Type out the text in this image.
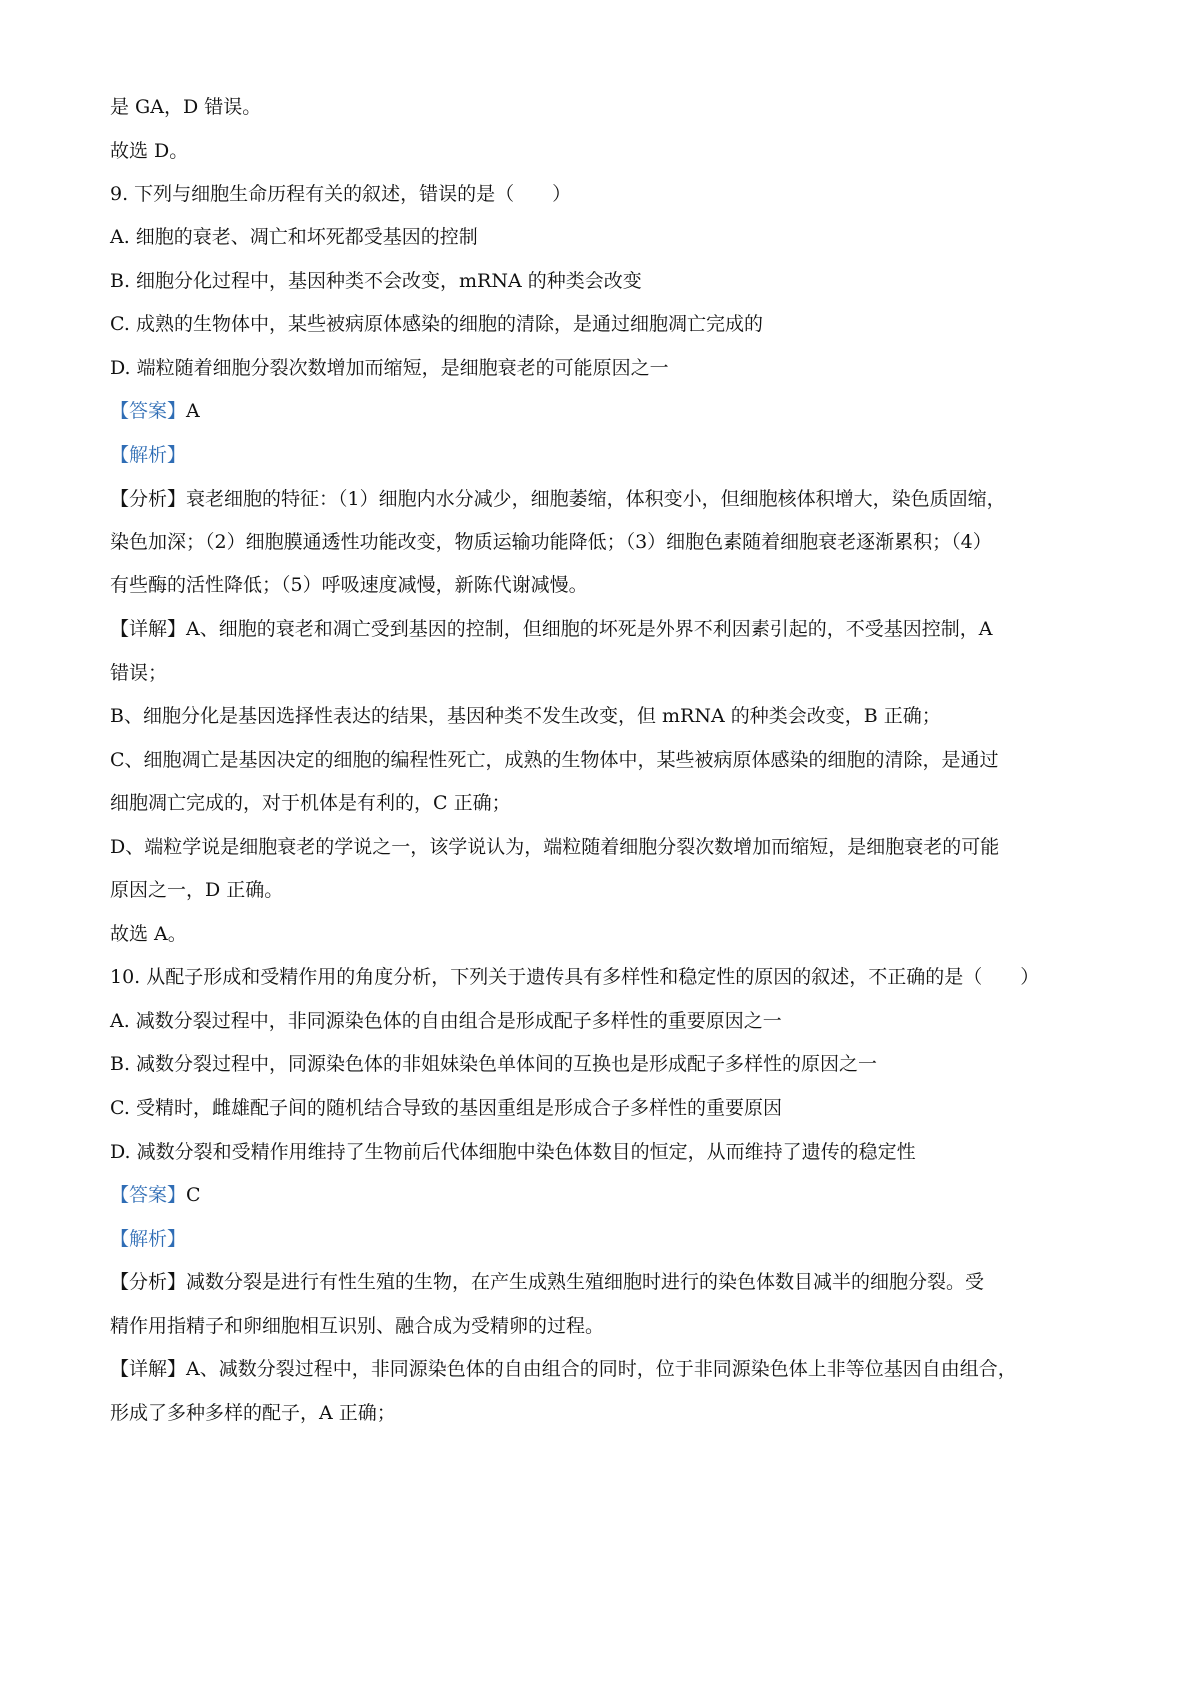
是 GA，D 错误。

故选 D。

9. 下列与细胞生命历程有关的叙述，错误的是（　　）

A. 细胞的衰老、凋亡和坏死都受基因的控制

B. 细胞分化过程中，基因种类不会改变，mRNA 的种类会改变

C. 成熟的生物体中，某些被病原体感染的细胞的清除，是通过细胞凋亡完成的

D. 端粒随着细胞分裂次数增加而缩短，是细胞衰老的可能原因之一

【答案】A

【解析】

【分析】衰老细胞的特征：（1）细胞内水分减少，细胞萎缩，体积变小，但细胞核体积增大，染色质固缩，

染色加深；（2）细胞膜通透性功能改变，物质运输功能降低；（3）细胞色素随着细胞衰老逐渐累积；（4）

有些酶的活性降低；（5）呼吸速度减慢，新陈代谢减慢。

【详解】A、细胞的衰老和凋亡受到基因的控制，但细胞的坏死是外界不利因素引起的，不受基因控制，A

错误；

B、细胞分化是基因选择性表达的结果，基因种类不发生改变，但 mRNA 的种类会改变，B 正确；

C、细胞凋亡是基因决定的细胞的编程性死亡，成熟的生物体中，某些被病原体感染的细胞的清除，是通过

细胞凋亡完成的，对于机体是有利的，C 正确；

D、端粒学说是细胞衰老的学说之一，该学说认为，端粒随着细胞分裂次数增加而缩短，是细胞衰老的可能

原因之一，D 正确。

故选 A。

10. 从配子形成和受精作用的角度分析，下列关于遗传具有多样性和稳定性的原因的叙述，不正确的是（　　）

A. 减数分裂过程中，非同源染色体的自由组合是形成配子多样性的重要原因之一

B. 减数分裂过程中，同源染色体的非姐妹染色单体间的互换也是形成配子多样性的原因之一

C. 受精时，雌雄配子间的随机结合导致的基因重组是形成合子多样性的重要原因

D. 减数分裂和受精作用维持了生物前后代体细胞中染色体数目的恒定，从而维持了遗传的稳定性

【答案】C

【解析】

【分析】减数分裂是进行有性生殖的生物，在产生成熟生殖细胞时进行的染色体数目减半的细胞分裂。受

精作用指精子和卵细胞相互识别、融合成为受精卵的过程。

【详解】A、减数分裂过程中，非同源染色体的自由组合的同时，位于非同源染色体上非等位基因自由组合，

形成了多种多样的配子，A 正确；
